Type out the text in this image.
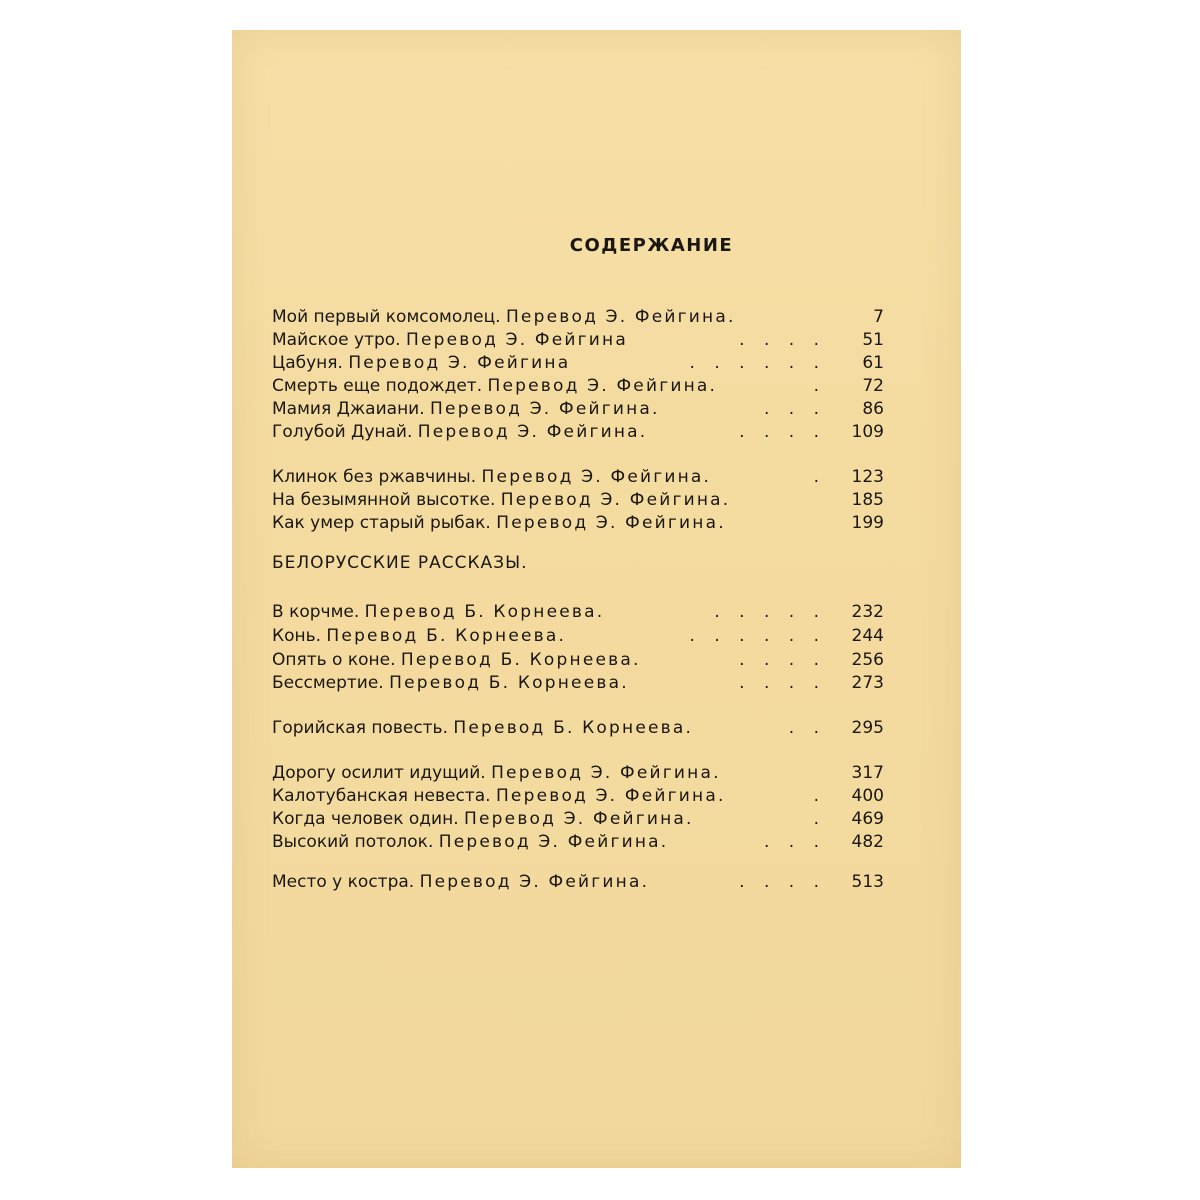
СОДЕРЖАНИЕ
Мой первый комсомолец. Перевод Э. Фейгина.	7
Майское утро. Перевод Э. Фейгина	. . . .	51
Цабуня. Перевод Э. Фейгина	. . . . . .	61
Смерть еще подождет. Перевод Э. Фейгина.	.	72
Мамия Джаиани. Перевод Э. Фейгина.	. . .	86
Голубой Дунай. Перевод Э. Фейгина.	. . . .	109
Клинок без ржавчины. Перевод Э. Фейгина.	.	123
На безымянной высотке. Перевод Э. Фейгина.	185
Как умер старый рыбак. Перевод Э. Фейгина.	199
БЕЛОРУССКИЕ РАССКАЗЫ.
В корчме. Перевод Б. Корнеева.	. . . . .	232
Конь. Перевод Б. Корнеева.	. . . . . .	244
Опять о коне. Перевод Б. Корнеева.	. . . .	256
Бессмертие. Перевод Б. Корнеева.	. . . .	273
Горийская повесть. Перевод Б. Корнеева.	. .	295
Дорогу осилит идущий. Перевод Э. Фейгина.	317
Калотубанская невеста. Перевод Э. Фейгина.	.	400
Когда человек один. Перевод Э. Фейгина.	.	469
Высокий потолок. Перевод Э. Фейгина.	. . .	482
Место у костра. Перевод Э. Фейгина.	. . . .	513
